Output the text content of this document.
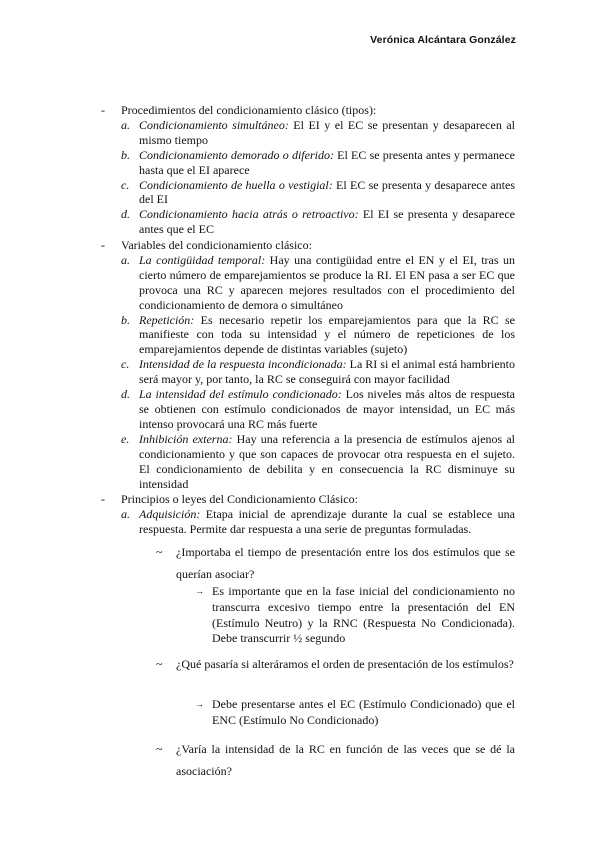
Verónica Alcántara González
- Procedimientos del condicionamiento clásico (tipos):
a. Condicionamiento simultáneo: El EI y el EC se presentan y desaparecen al mismo tiempo
b. Condicionamiento demorado o diferido: El EC se presenta antes y permanece hasta que el EI aparece
c. Condicionamiento de huella o vestigial: El EC se presenta y desaparece antes del EI
d. Condicionamiento hacia atrás o retroactivo: El EI se presenta y desaparece antes que el EC
- Variables del condicionamiento clásico:
a. La contigüidad temporal: Hay una contigüidad entre el EN y el EI, tras un cierto número de emparejamientos se produce la RI. El EN pasa a ser EC que provoca una RC y aparecen mejores resultados con el procedimiento del condicionamiento de demora o simultáneo
b. Repetición: Es necesario repetir los emparejamientos para que la RC se manifieste con toda su intensidad y el número de repeticiones de los emparejamientos depende de distintas variables (sujeto)
c. Intensidad de la respuesta incondicionada: La RI si el animal está hambriento será mayor y, por tanto, la RC se conseguirá con mayor facilidad
d. La intensidad del estímulo condicionado: Los niveles más altos de respuesta se obtienen con estímulo condicionados de mayor intensidad, un EC más intenso provocará una RC más fuerte
e. Inhibición externa: Hay una referencia a la presencia de estímulos ajenos al condicionamiento y que son capaces de provocar otra respuesta en el sujeto. El condicionamiento de debilita y en consecuencia la RC disminuye su intensidad
- Principios o leyes del Condicionamiento Clásico:
a. Adquisición: Etapa inicial de aprendizaje durante la cual se establece una respuesta. Permite dar respuesta a una serie de preguntas formuladas.
~ ¿Importaba el tiempo de presentación entre los dos estímulos que se querían asociar?
→ Es importante que en la fase inicial del condicionamiento no transcurra excesivo tiempo entre la presentación del EN (Estímulo Neutro) y la RNC (Respuesta No Condicionada). Debe transcurrir ½ segundo
~ ¿Qué pasaría si alteráramos el orden de presentación de los estímulos?
→ Debe presentarse antes el EC (Estímulo Condicionado) que el ENC (Estímulo No Condicionado)
~ ¿Varía la intensidad de la RC en función de las veces que se dé la asociación?
